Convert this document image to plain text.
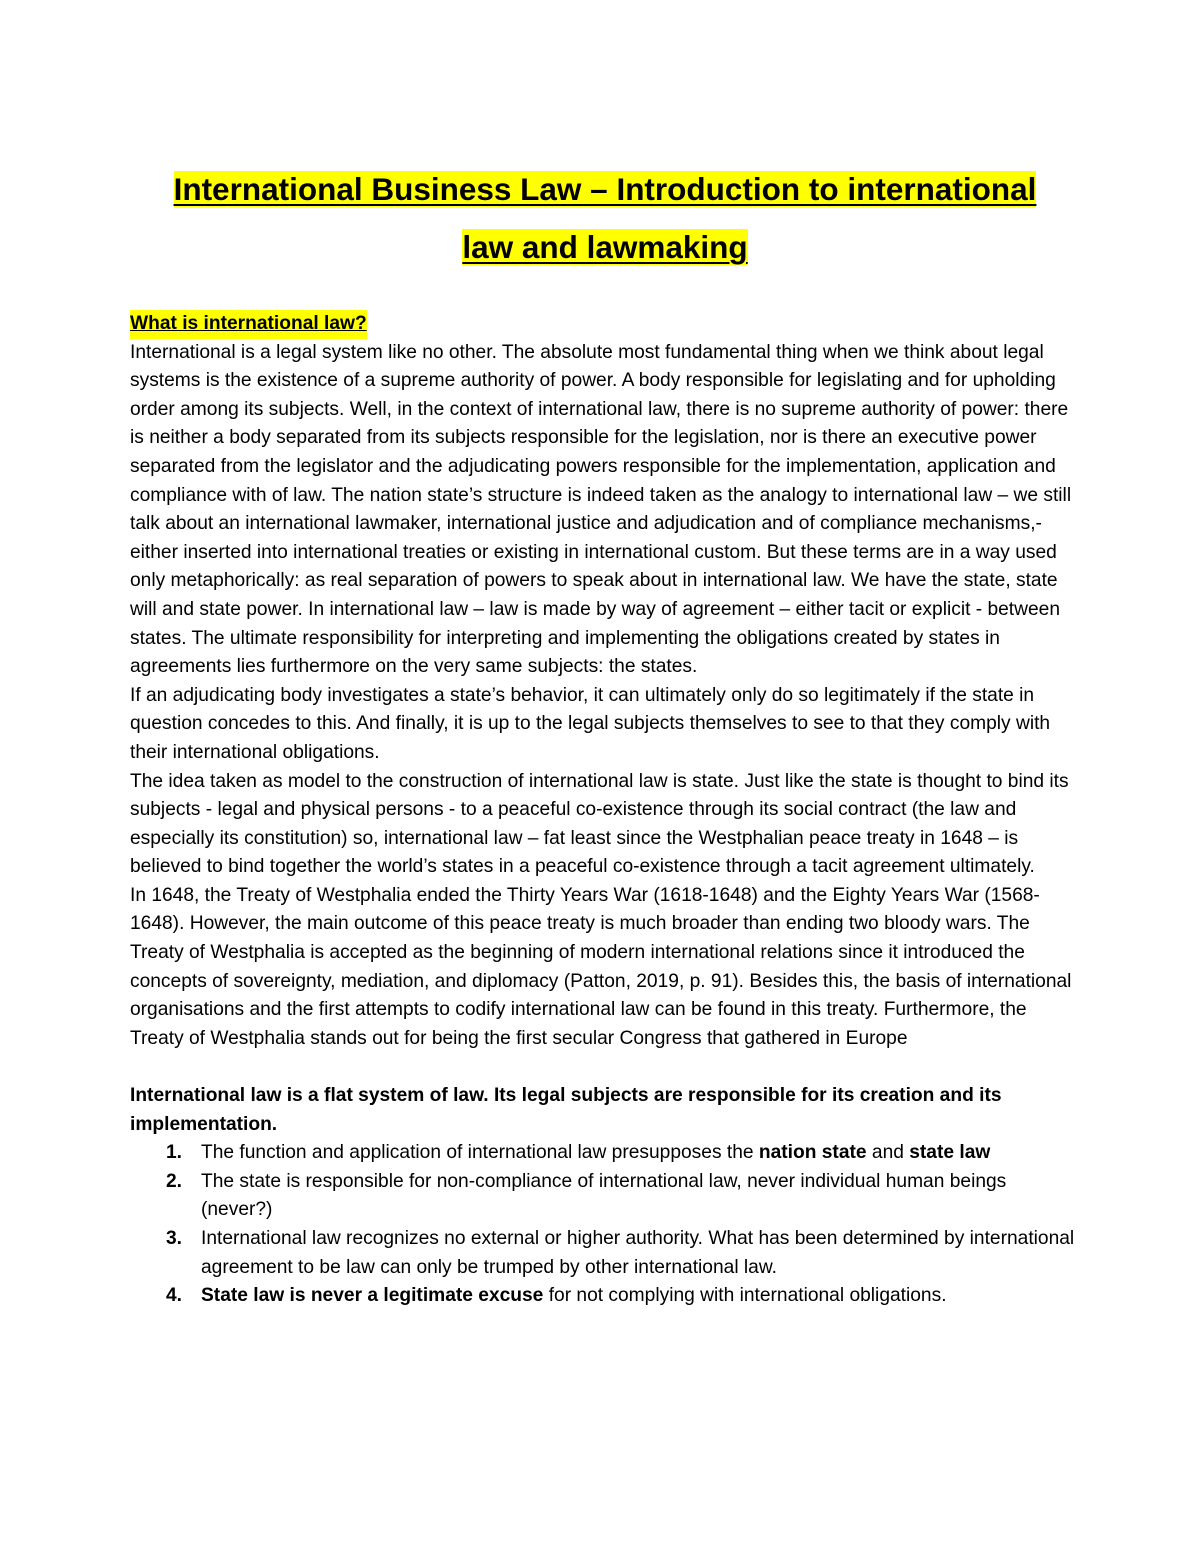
International Business Law – Introduction to international
law and lawmaking
What is international law?

International is a legal system like no other. The absolute most fundamental thing when we think about legal systems is the existence of a supreme authority of power. A body responsible for legislating and for upholding order among its subjects. Well, in the context of international law, there is no supreme authority of power: there is neither a body separated from its subjects responsible for the legislation, nor is there an executive power separated from the legislator and the adjudicating powers responsible for the implementation, application and compliance with of law. The nation state’s structure is indeed taken as the analogy to international law – we still talk about an international lawmaker, international justice and adjudication and of compliance mechanisms,- either inserted into international treaties or existing in international custom. But these terms are in a way used only metaphorically: as real separation of powers to speak about in international law. We have the state, state will and state power. In international law – law is made by way of agreement – either tacit or explicit - between states. The ultimate responsibility for interpreting and implementing the obligations created by states in agreements lies furthermore on the very same subjects: the states.

If an adjudicating body investigates a state’s behavior, it can ultimately only do so legitimately if the state in question concedes to this. And finally, it is up to the legal subjects themselves to see to that they comply with their international obligations.

The idea taken as model to the construction of international law is state. Just like the state is thought to bind its subjects - legal and physical persons - to a peaceful co-existence through its social contract (the law and especially its constitution) so, international law – fat least since the Westphalian peace treaty in 1648 – is believed to bind together the world’s states in a peaceful co-existence through a tacit agreement ultimately.

In 1648, the Treaty of Westphalia ended the Thirty Years War (1618-1648) and the Eighty Years War (1568-1648). However, the main outcome of this peace treaty is much broader than ending two bloody wars. The Treaty of Westphalia is accepted as the beginning of modern international relations since it introduced the concepts of sovereignty, mediation, and diplomacy (Patton, 2019, p. 91). Besides this, the basis of international organisations and the first attempts to codify international law can be found in this treaty. Furthermore, the Treaty of Westphalia stands out for being the first secular Congress that gathered in Europe

International law is a flat system of law. Its legal subjects are responsible for its creation and its implementation.

1. The function and application of international law presupposes the nation state and state law
2. The state is responsible for non-compliance of international law, never individual human beings (never?)
3. International law recognizes no external or higher authority. What has been determined by international agreement to be law can only be trumped by other international law.
4. State law is never a legitimate excuse for not complying with international obligations.
